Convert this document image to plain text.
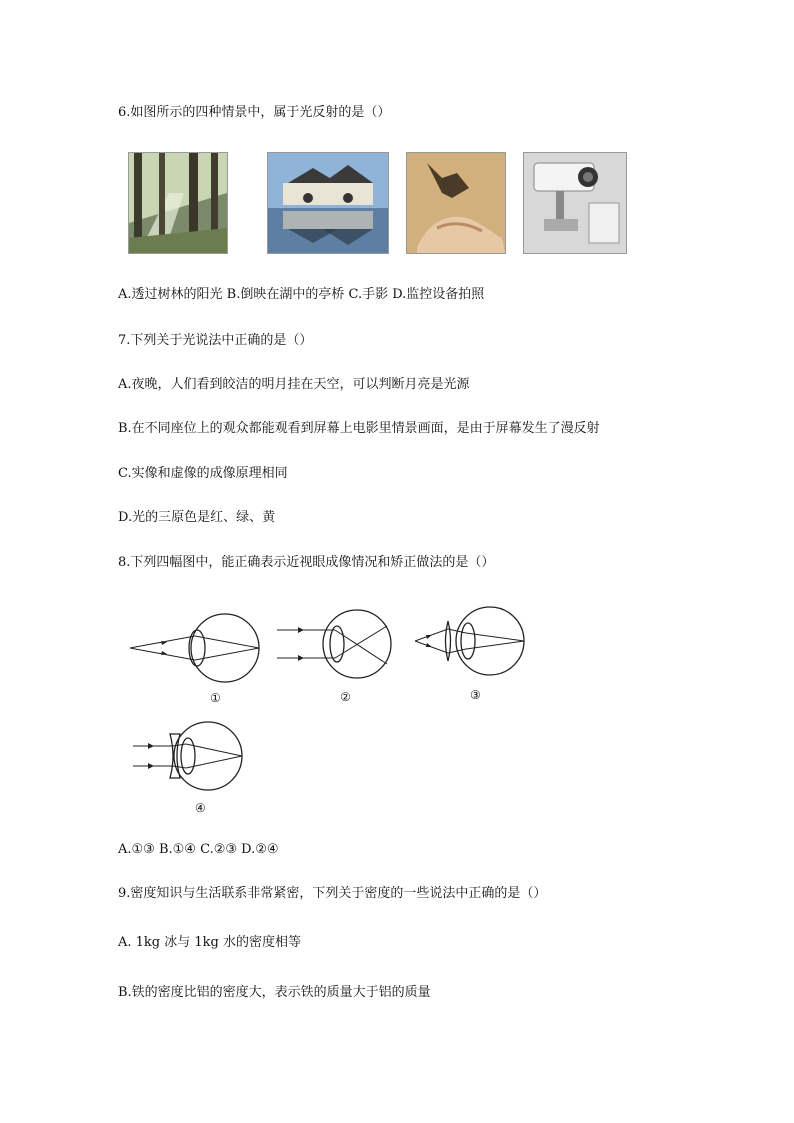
6.如图所示的四种情景中，属于光反射的是（）
A.透过树林的阳光 B.倒映在湖中的亭桥 C.手影 D.监控设备拍照
7.下列关于光说法中正确的是（）
A.夜晚，人们看到皎洁的明月挂在天空，可以判断月亮是光源
B.在不同座位上的观众都能观看到屏幕上电影里情景画面，是由于屏幕发生了漫反射
C.实像和虚像的成像原理相同
D.光的三原色是红、绿、黄
8.下列四幅图中，能正确表示近视眼成像情况和矫正做法的是（）
①	②	③
④
A.①③ B.①④ C.②③ D.②④
9.密度知识与生活联系非常紧密，下列关于密度的一些说法中正确的是（）
A. 1kg 冰与 1kg 水的密度相等
B.铁的密度比铝的密度大，表示铁的质量大于铝的质量
